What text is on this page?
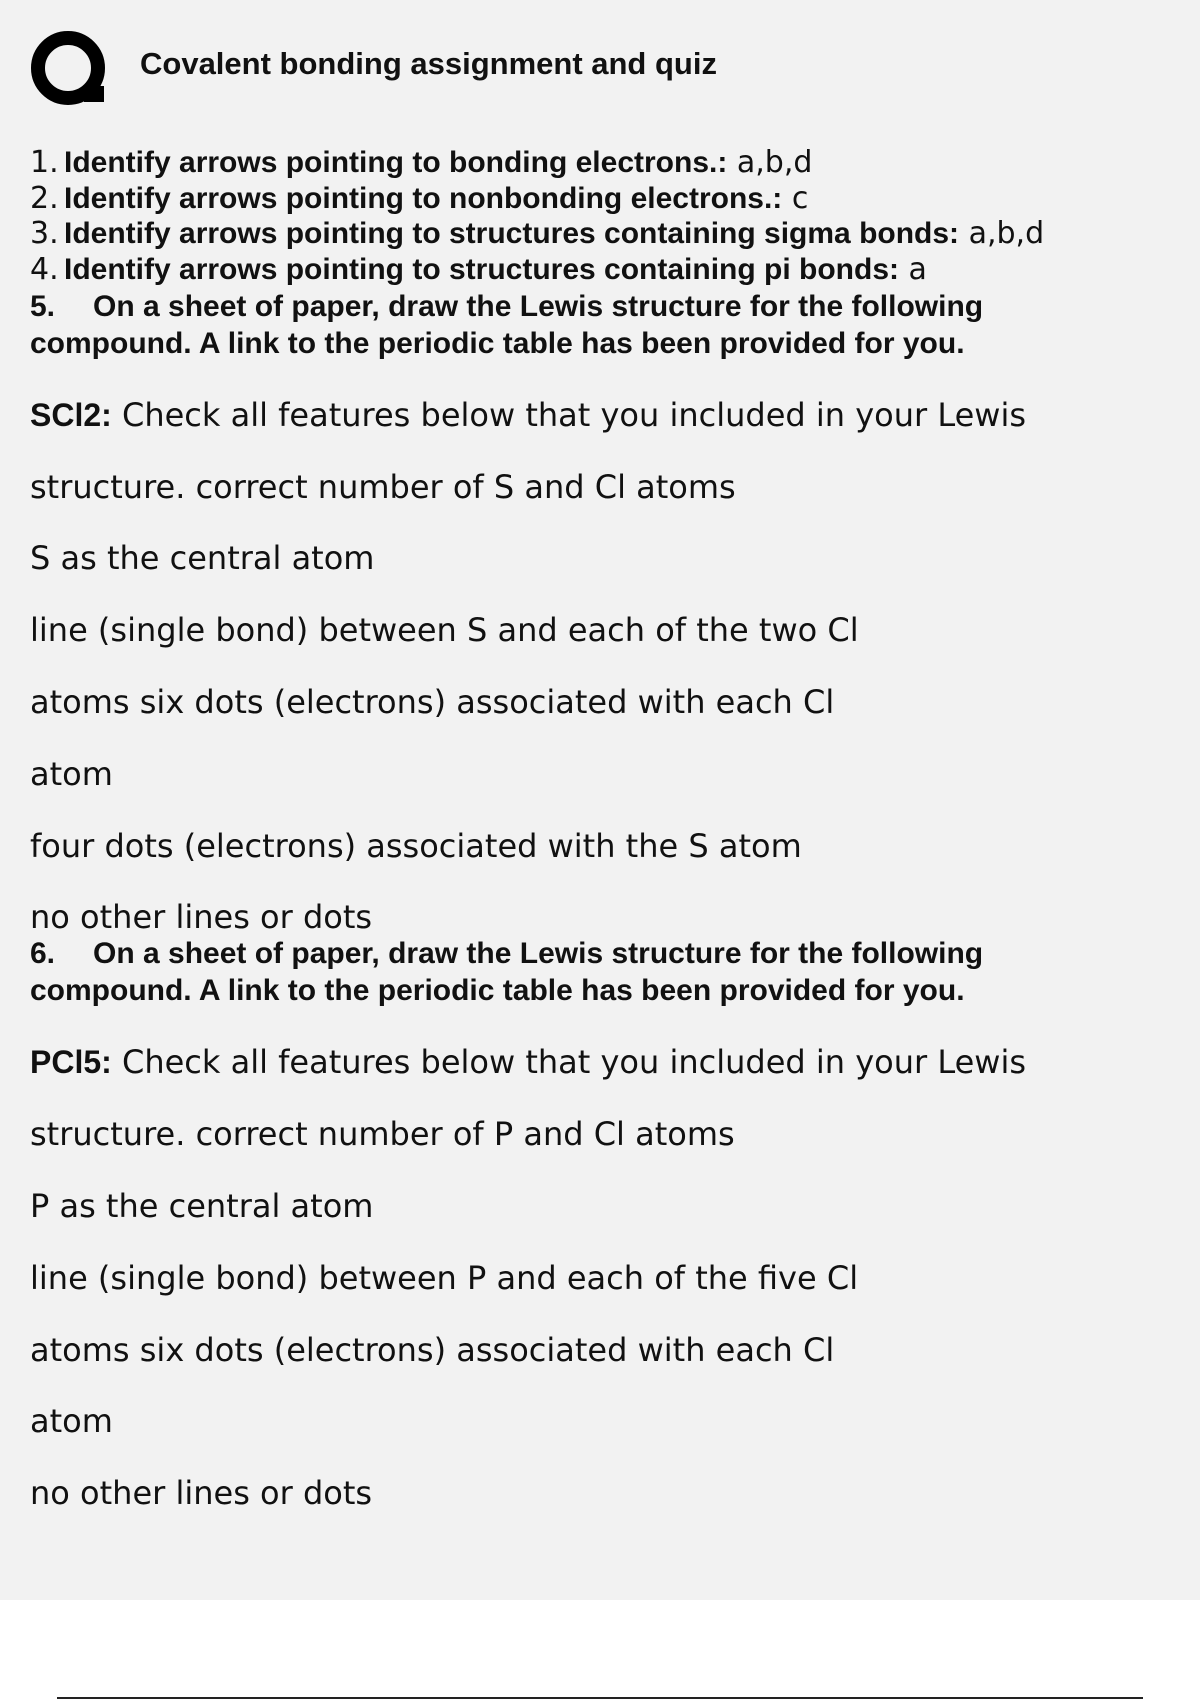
Covalent bonding assignment and quiz

1. Identify arrows pointing to bonding electrons.: a,b,d
2. Identify arrows pointing to nonbonding electrons.: c
3. Identify arrows pointing to structures containing sigma bonds: a,b,d
4. Identify arrows pointing to structures containing pi bonds: a

5. On a sheet of paper, draw the Lewis structure for the following

compound. A link to the periodic table has been provided for you.

SCl2: Check all features below that you included in your Lewis

structure. correct number of S and Cl atoms

S as the central atom

line (single bond) between S and each of the two Cl

atoms six dots (electrons) associated with each Cl

atom

four dots (electrons) associated with the S atom

no other lines or dots

6. On a sheet of paper, draw the Lewis structure for the following

compound. A link to the periodic table has been provided for you.

PCl5: Check all features below that you included in your Lewis

structure. correct number of P and Cl atoms

P as the central atom

line (single bond) between P and each of the five Cl

atoms six dots (electrons) associated with each Cl

atom

no other lines or dots
